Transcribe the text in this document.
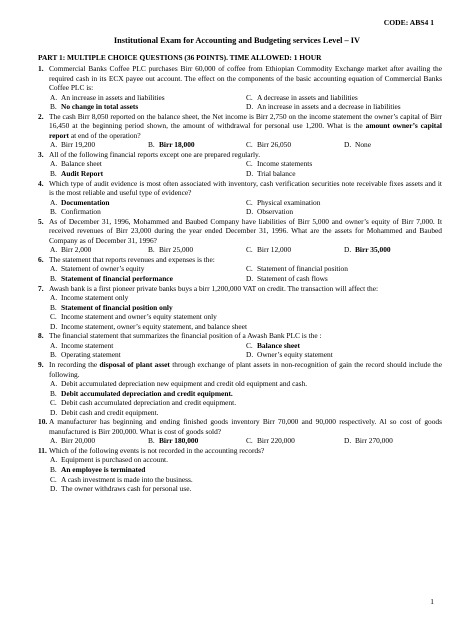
CODE: ABS4 1
Institutional Exam for Accounting and Budgeting services Level – IV
PART 1: MULTIPLE CHOICE QUESTIONS (36 POINTS). TIME ALLOWED: 1 HOUR
1. Commercial Banks Coffee PLC purchases Birr 60,000 of coffee from Ethiopian Commodity Exchange market after availing the required cash in its ECX payee out account. The effect on the components of the basic accounting equation of Commercial Banks Coffee PLC is:
A. An increase in assets and liabilities	C. A decrease in assets and liabilities
B. No change in total assets	D. An increase in assets and a decrease in liabilities
2. The cash Birr 8,050 reported on the balance sheet, the Net income is Birr 2,750 on the income statement the owner’s capital of Birr 16,450 at the beginning period shown, the amount of withdrawal for personal use 1,200. What is the amount owner’s capital report at end of the operation?
A. Birr 19,200	B. Birr 18,000	C. Birr 26,050	D. None
3. All of the following financial reports except one are prepared regularly.
A. Balance sheet	C. Income statements
B. Audit Report	D. Trial balance
4. Which type of audit evidence is most often associated with inventory, cash verification securities note receivable fixes assets and it is the most reliable and useful type of evidence?
A. Documentation	C. Physical examination
B. Confirmation	D. Observation
5. As of December 31, 1996, Mohammed and Baubed Company have liabilities of Birr 5,000 and owner’s equity of Birr 7,000. It received revenues of Birr 23,000 during the year ended December 31, 1996. What are the assets for Mohammed and Baubed Company as of December 31, 1996?
A. Birr 2,000	B. Birr 25,000	C. Birr 12,000	D. Birr 35,000
6. The statement that reports revenues and expenses is the:
A. Statement of owner’s equity	C. Statement of financial position
B. Statement of financial performance	D. Statement of cash flows
7. Awash bank is a first pioneer private banks buys a birr 1,200,000 VAT on credit. The transaction will affect the:
A. Income statement only
B. Statement of financial position only
C. Income statement and owner’s equity statement only
D. Income statement, owner’s equity statement, and balance sheet
8. The financial statement that summarizes the financial position of a Awash Bank PLC is the :
A. Income statement	C. Balance sheet
B. Operating statement	D. Owner’s equity statement
9. In recording the disposal of plant asset through exchange of plant assets in non-recognition of gain the record should include the following.
A. Debit accumulated depreciation new equipment and credit old equipment and cash.
B. Debit accumulated depreciation and credit equipment.
C. Debit cash accumulated depreciation and credit equipment.
D. Debit cash and credit equipment.
10. A manufacturer has beginning and ending finished goods inventory Birr 70,000 and 90,000 respectively. Al so cost of goods manufactured is Birr 200,000. What is cost of goods sold?
A. Birr 20,000	B. Birr 180,000	C. Birr 220,000	D. Birr 270,000
11. Which of the following events is not recorded in the accounting records?
A. Equipment is purchased on account.
B. An employee is terminated
C. A cash investment is made into the business.
D. The owner withdraws cash for personal use.
1
